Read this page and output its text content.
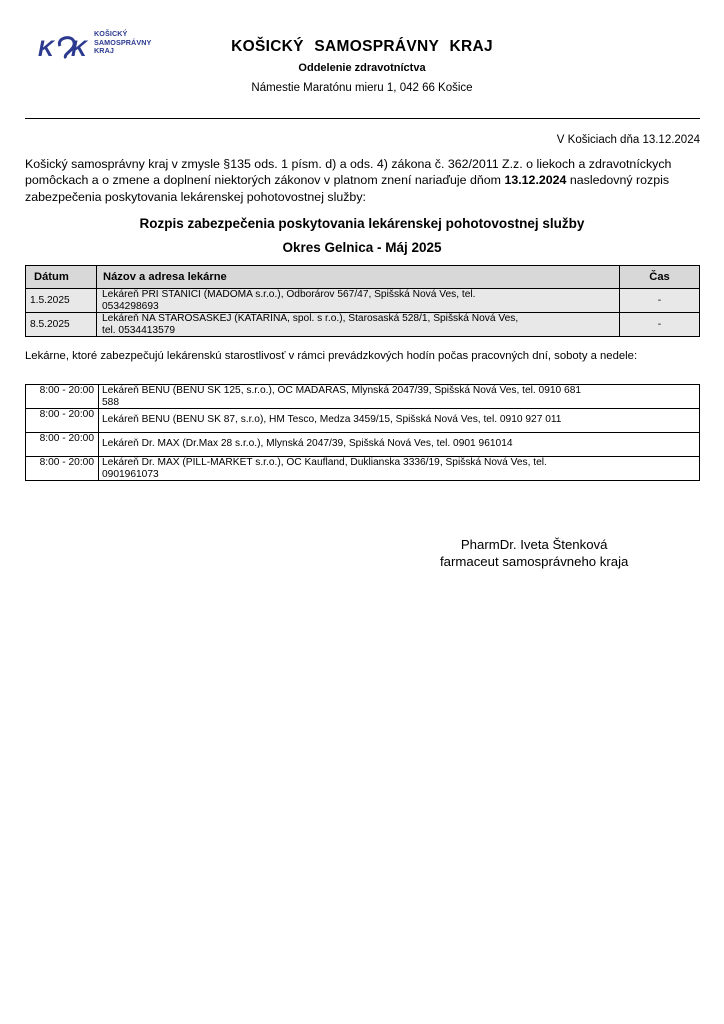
K K
KOŠICKÝ
SAMOSPRÁVNY
KRAJ	KOŠICKÝ SAMOSPRÁVNY KRAJ
Oddelenie zdravotníctva
Námestie Maratónu mieru 1, 042 66 Košice
V Košiciach dňa 13.12.2024
Košický samosprávny kraj v zmysle §135 ods. 1 písm. d) a ods. 4) zákona č. 362/2011 Z.z. o liekoch a zdravotníckych pomôckach a o zmene a doplnení niektorých zákonov v platnom znení nariaďuje dňom 13.12.2024 nasledovný rozpis zabezpečenia poskytovania lekárenskej pohotovostnej služby:
Rozpis zabezpečenia poskytovania lekárenskej pohotovostnej služby
Okres Gelnica - Máj 2025
Dátum	Názov a adresa lekárne	Čas
1.5.2025	Lekáreň PRI STANICI (MADOMA s.r.o.), Odborárov 567/47, Spišská Nová Ves, tel.
0534298693	-
8.5.2025	Lekáreň NA STAROSASKEJ (KATARÍNA, spol. s r.o.), Starosaská 528/1, Spišská Nová Ves,
tel. 0534413579	-
Lekárne, ktoré zabezpečujú lekárenskú starostlivosť v rámci prevádzkových hodín počas pracovných dní, soboty a nedele:
8:00 - 20:00	Lekáreň BENU (BENU SK 125, s.r.o.), OC MADARAS, Mlynská 2047/39, Spišská Nová Ves, tel. 0910 681
588

8:00 - 20:00	Lekáreň BENU (BENU SK 87, s.r.o), HM Tesco, Medza 3459/15, Spišská Nová Ves, tel. 0910 927 011

8:00 - 20:00	Lekáreň Dr. MAX (Dr.Max 28 s.r.o.), Mlynská 2047/39, Spišská Nová Ves, tel. 0901 961014

8:00 - 20:00	Lekáreň Dr. MAX (PILL-MARKET s.r.o.), OC Kaufland, Duklianska 3336/19, Spišská Nová Ves, tel.
0901961073
PharmDr. Iveta Štenková
farmaceut samosprávneho kraja
